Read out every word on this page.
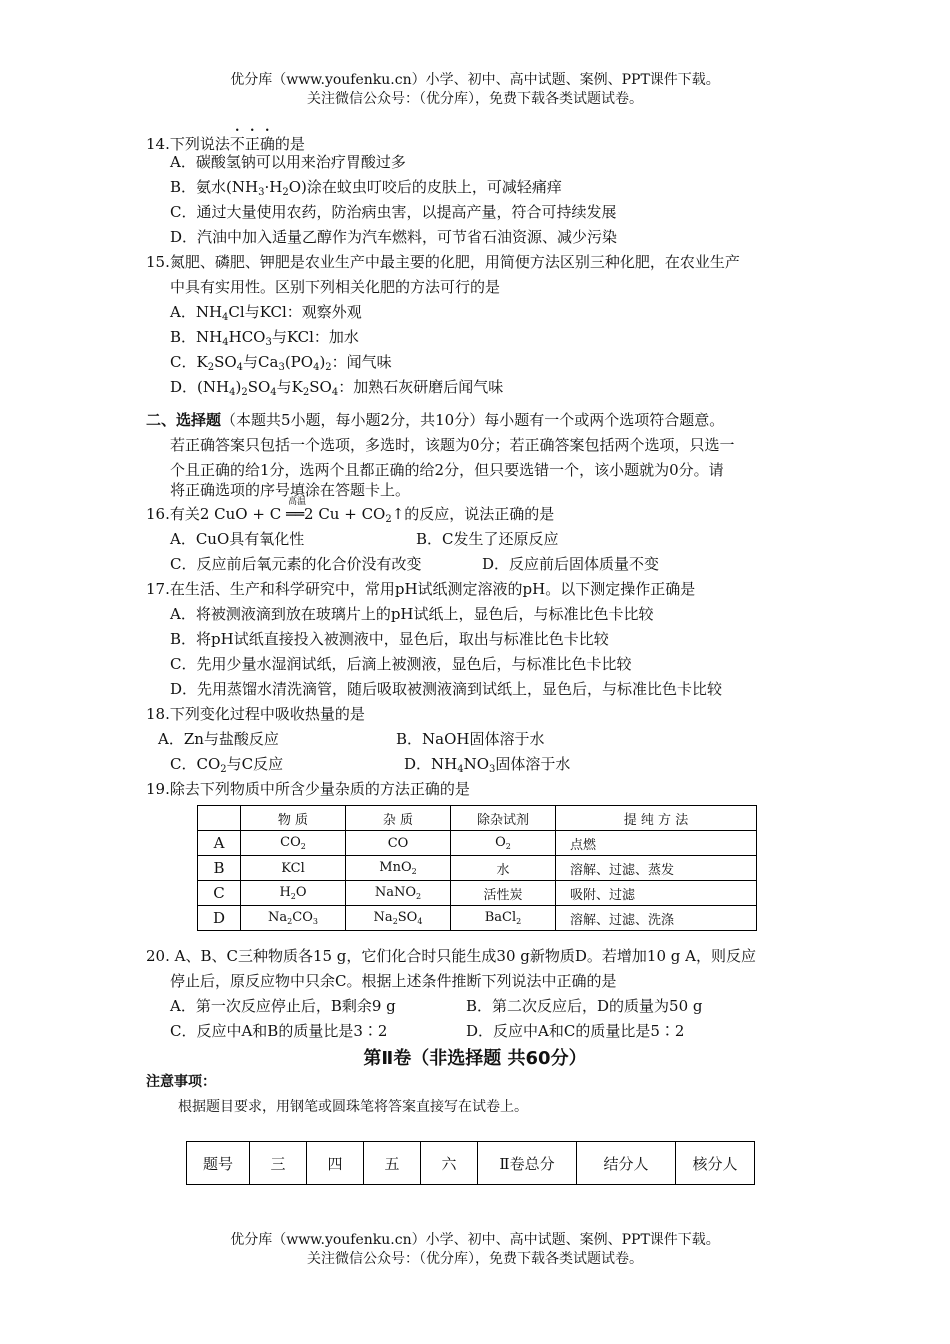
优分库（www.youfenku.cn）小学、初中、高中试题、案例、PPT课件下载。
关注微信公众号：（优分库），免费下载各类试题试卷。
14.下列说法不正确的是
A．碳酸氢钠可以用来治疗胃酸过多
B．氨水$(NH_3\cdot H_2O)$涂在蚊虫叮咬后的皮肤上，可减轻痛痒
C．通过大量使用农药，防治病虫害，以提高产量，符合可持续发展
D．汽油中加入适量乙醇作为汽车燃料，可节省石油资源、减少污染
15.氮肥、磷肥、钾肥是农业生产中最主要的化肥，用简便方法区别三种化肥，在农业生产
中具有实用性。区别下列相关化肥的方法可行的是
A．$NH_4Cl$与KCl：观察外观
B．$NH_4HCO_3$与KCl：加水
C．$K_2SO_4$与$Ca_3(PO_4)_2$：闻气味
D．$(NH_4)_2SO_4$与$K_2SO_4$：加熟石灰研磨后闻气味
二、选择题（本题共5小题，每小题2分，共10分）每小题有一个或两个选项符合题意。
若正确答案只包括一个选项，多选时，该题为0分；若正确答案包括两个选项，只选一
个且正确的给1分，选两个且都正确的给2分，但只要选错一个，该小题就为0分。请
将正确选项的序号填涂在答题卡上。
16.有关2 CuO + C
高温
══2 $Cu + CO_2↑$的反应，说法正确的是
A．CuO具有氧化性	B．C发生了还原反应
C．反应前后氧元素的化合价没有改变	D．反应前后固体质量不变
17.在生活、生产和科学研究中，常用pH试纸测定溶液的pH。以下测定操作正确是
A．将被测液滴到放在玻璃片上的pH试纸上，显色后，与标准比色卡比较
B．将pH试纸直接投入被测液中，显色后，取出与标准比色卡比较
C．先用少量水湿润试纸，后滴上被测液，显色后，与标准比色卡比较
D．先用蒸馏水清洗滴管，随后吸取被测液滴到试纸上，显色后，与标准比色卡比较
18.下列变化过程中吸收热量的是
A．Zn与盐酸反应	B．NaOH固体溶于水
C．$CO_2$与C反应	D．$NH_4NO_3$固体溶于水
19.除去下列物质中所含少量杂质的方法正确的是
	物 质	杂 质	除杂试剂	提 纯 方 法
A	$CO_2$	CO	$O_2$	点燃
B	KCl	MnO$_2$	水	溶解、过滤、蒸发
C	$H_2O$	NaNO$_2$	活性炭	吸附、过滤
D	$Na_2CO_3$	$Na_2SO_4$	BaCl$_2$	溶解、过滤、洗涤
20. A、B、C三种物质各15 g，它们化合时只能生成30 g新物质D。若增加10 g A，则反应
停止后，原反应物中只余C。根据上述条件推断下列说法中正确的是
A．第一次反应停止后，B剩余9 g	B．第二次反应后，D的质量为50 g
C．反应中A和B的质量比是3∶2	D．反应中A和C的质量比是5∶2
第Ⅱ卷（非选择题 共60分）
注意事项：
根据题目要求，用钢笔或圆珠笔将答案直接写在试卷上。
题号	三	四	五	六	Ⅱ卷总分	结分人	核分人
优分库（www.youfenku.cn）小学、初中、高中试题、案例、PPT课件下载。
关注微信公众号：（优分库），免费下载各类试题试卷。
